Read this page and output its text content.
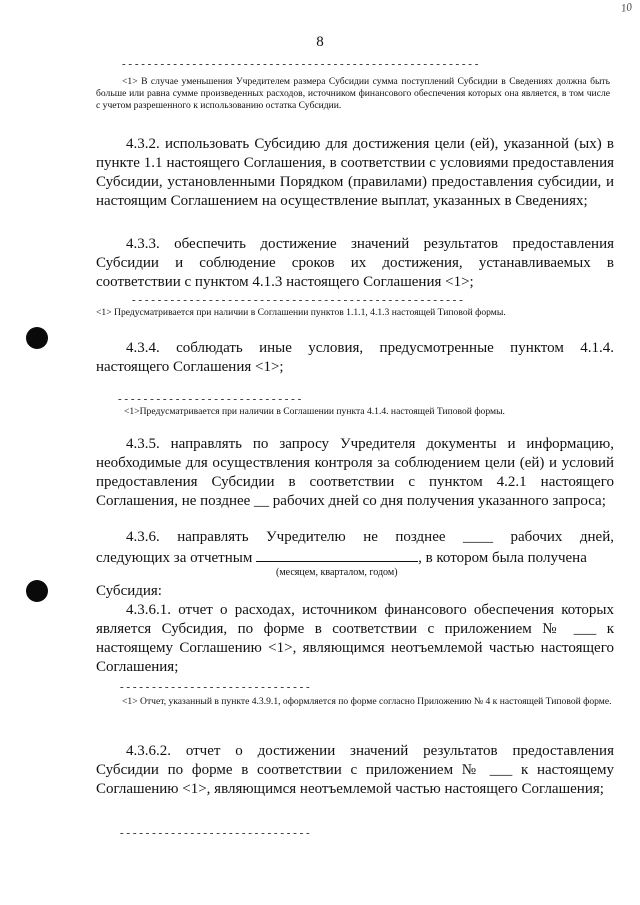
10
8
- - - - - - - - - - - - - - - - - - - - - - - - - - - - - - - - - - - - - - - - - - - - - - - - - - - - - - - -
<1> В случае уменьшения Учредителем размера Субсидии сумма поступлений Субсидии в Сведениях должна быть больше или равна сумме произведенных расходов, источником финансового обеспечения которых она является, в том числе с учетом разрешенного к использованию остатка Субсидии.
4.3.2. использовать Субсидию для достижения цели (ей), указанной (ых) в пункте 1.1 настоящего Соглашения, в соответствии с условиями предоставления Субсидии, установленными Порядком (правилами) предоставления субсидии, и настоящим Соглашением на осуществление выплат, указанных в Сведениях;
4.3.3. обеспечить достижение значений результатов предоставления Субсидии и соблюдение сроков их достижения, устанавливаемых в соответствии с пунктом 4.1.3 настоящего Соглашения <1>;
- - - - - - - - - - - - - - - - - - - - - - - - - - - - - - - - - - - - - - - - - - - - - - - - - - - -
<1> Предусматривается при наличии в Соглашении пунктов 1.1.1, 4.1.3 настоящей Типовой формы.
4.3.4. соблюдать иные условия, предусмотренные пунктом 4.1.4. настоящего Соглашения <1>;
- - - - - - - - - - - - - - - - - - - - - - - - - - - - -
<1>Предусматривается при наличии в Соглашении пункта 4.1.4. настоящей Типовой формы.
4.3.5. направлять по запросу Учредителя документы и информацию, необходимые для осуществления контроля за соблюдением цели (ей) и условий предоставления Субсидии в соответствии с пунктом 4.2.1 настоящего Соглашения, не позднее __ рабочих дней со дня получения указанного запроса;
4.3.6. направлять Учредителю не позднее ____ рабочих дней,
следующих за отчетным	, в котором была получена
(месяцем, кварталом, годом)
Субсидия:
4.3.6.1. отчет о расходах, источником финансового обеспечения которых является Субсидия, по форме в соответствии с приложением № ___ к настоящему Соглашению <1>, являющимся неотъемлемой частью настоящего Соглашения;
- - - - - - - - - - - - - - - - - - - - - - - - - - - - - -
<1> Отчет, указанный в пункте 4.3.9.1, оформляется по форме согласно Приложению № 4 к настоящей Типовой форме.
4.3.6.2. отчет о достижении значений результатов предоставления Субсидии по форме в соответствии с приложением № ___ к настоящему Соглашению <1>, являющимся неотъемлемой частью настоящего Соглашения;
- - - - - - - - - - - - - - - - - - - - - - - - - - - - - -
